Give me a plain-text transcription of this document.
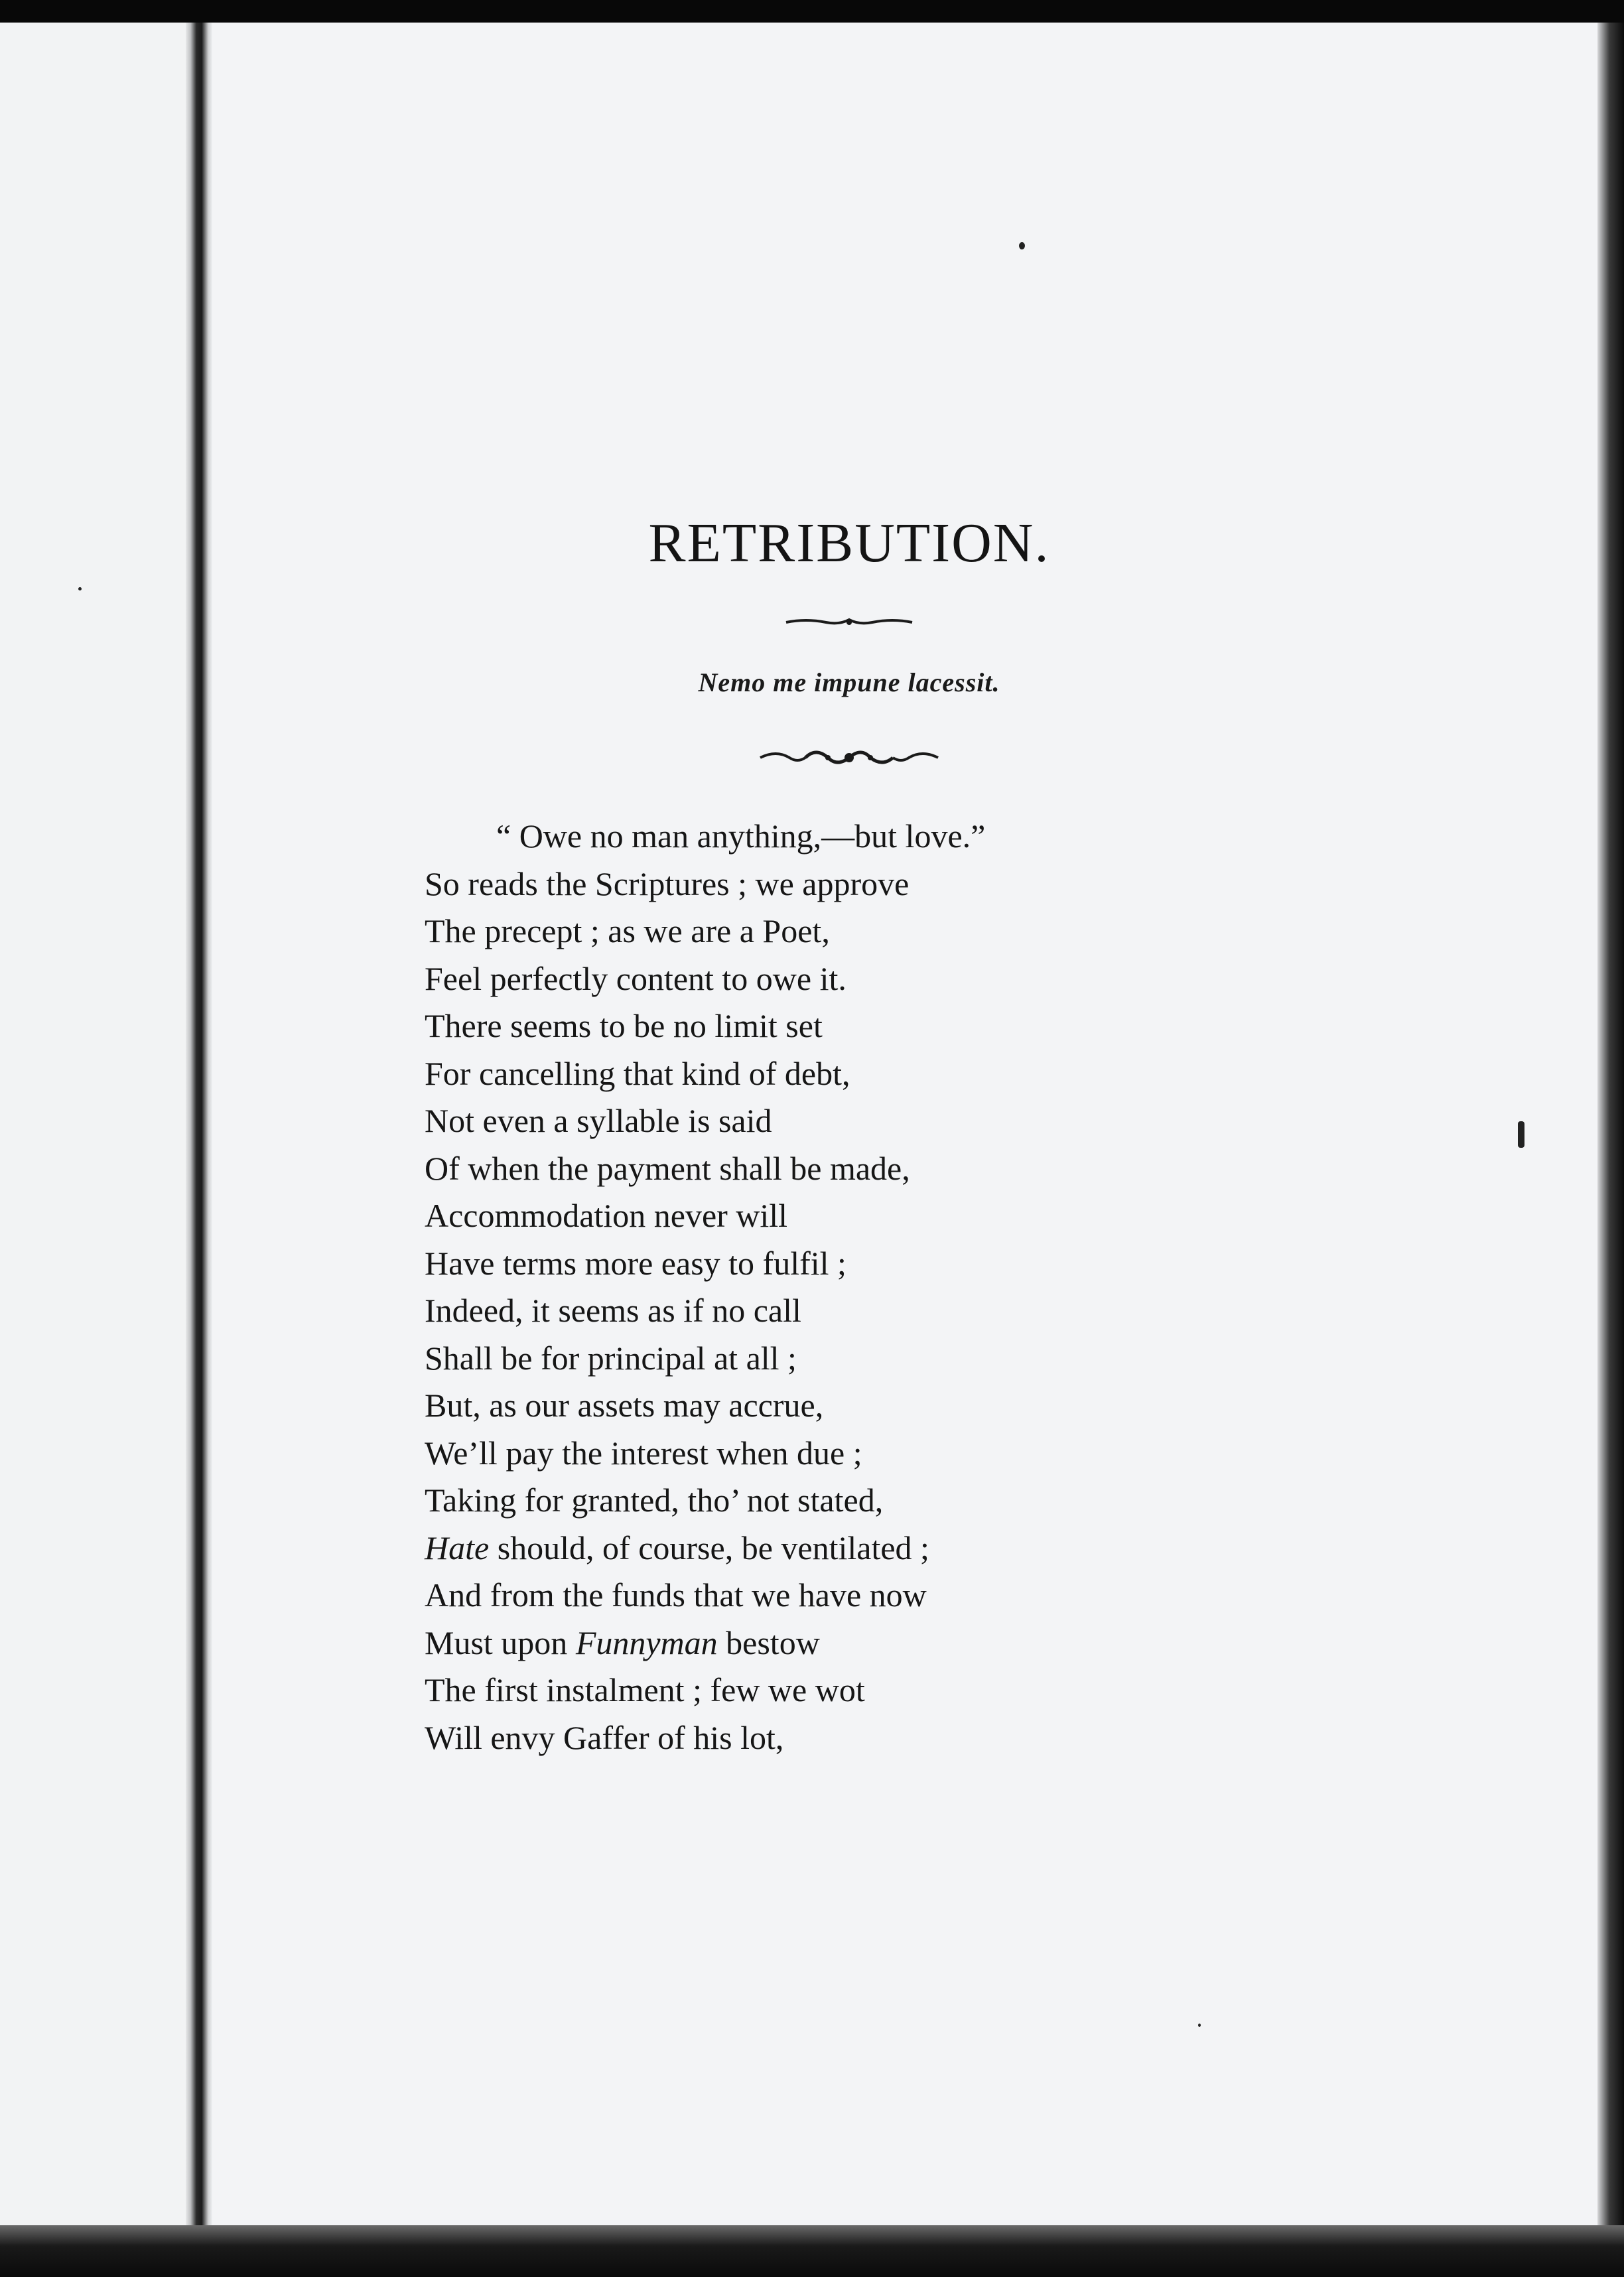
RETRIBUTION.
Nemo me impune lacessit.
“ Owe no man anything,—but love.”
So reads the Scriptures ; we approve
The precept ; as we are a Poet,
Feel perfectly content to owe it.
There seems to be no limit set
For cancelling that kind of debt,
Not even a syllable is said
Of when the payment shall be made,
Accommodation never will
Have terms more easy to fulfil ;
Indeed, it seems as if no call
Shall be for principal at all ;
But, as our assets may accrue,
We’ll pay the interest when due ;
Taking for granted, tho’ not stated,
Hate should, of course, be ventilated ;
And from the funds that we have now
Must upon Funnyman bestow
The first instalment ; few we wot
Will envy Gaffer of his lot,
